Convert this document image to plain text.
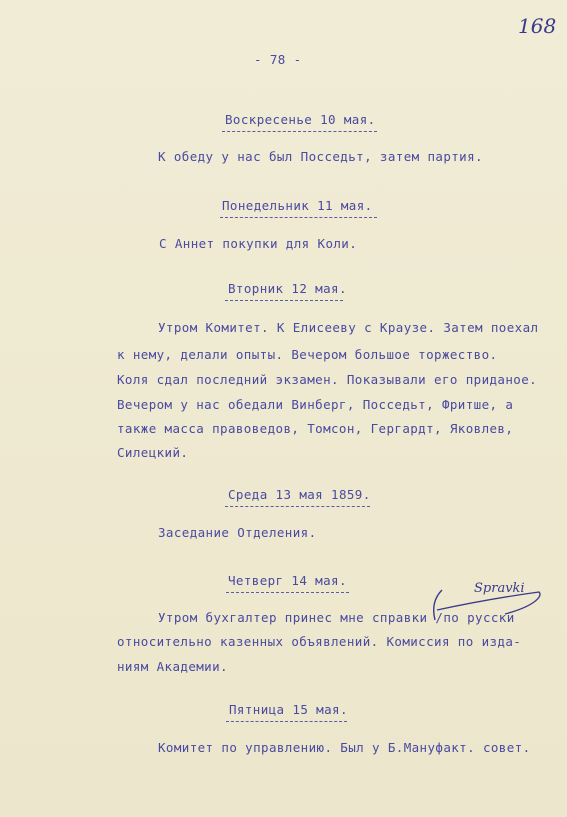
168
- 78 -
Воскресенье 10 мая.
К обеду у нас был Посседьт, затем партия.
Понедельник 11 мая.
С Аннет покупки для Коли.
Вторник 12 мая.
Утром Комитет. К Елисееву с Краузе. Затем поехал
к нему, делали опыты. Вечером большое торжество.
Коля сдал последний экзамен. Показывали его приданое.
Вечером у нас обедали Винберг, Посседьт, Фритше, а
также масса правоведов, Томсон, Гергардт, Яковлев,
Силецкий.
Среда 13 мая 1859.
Заседание Отделения.
Четверг 14 мая.
Утром бухгалтер принес мне справки /по русски
относительно казенных объявлений. Комиссия по изда-
ниям Академии.
Spravki
Пятница 15 мая.
Комитет по управлению. Был у Б.Мануфакт. совет.
